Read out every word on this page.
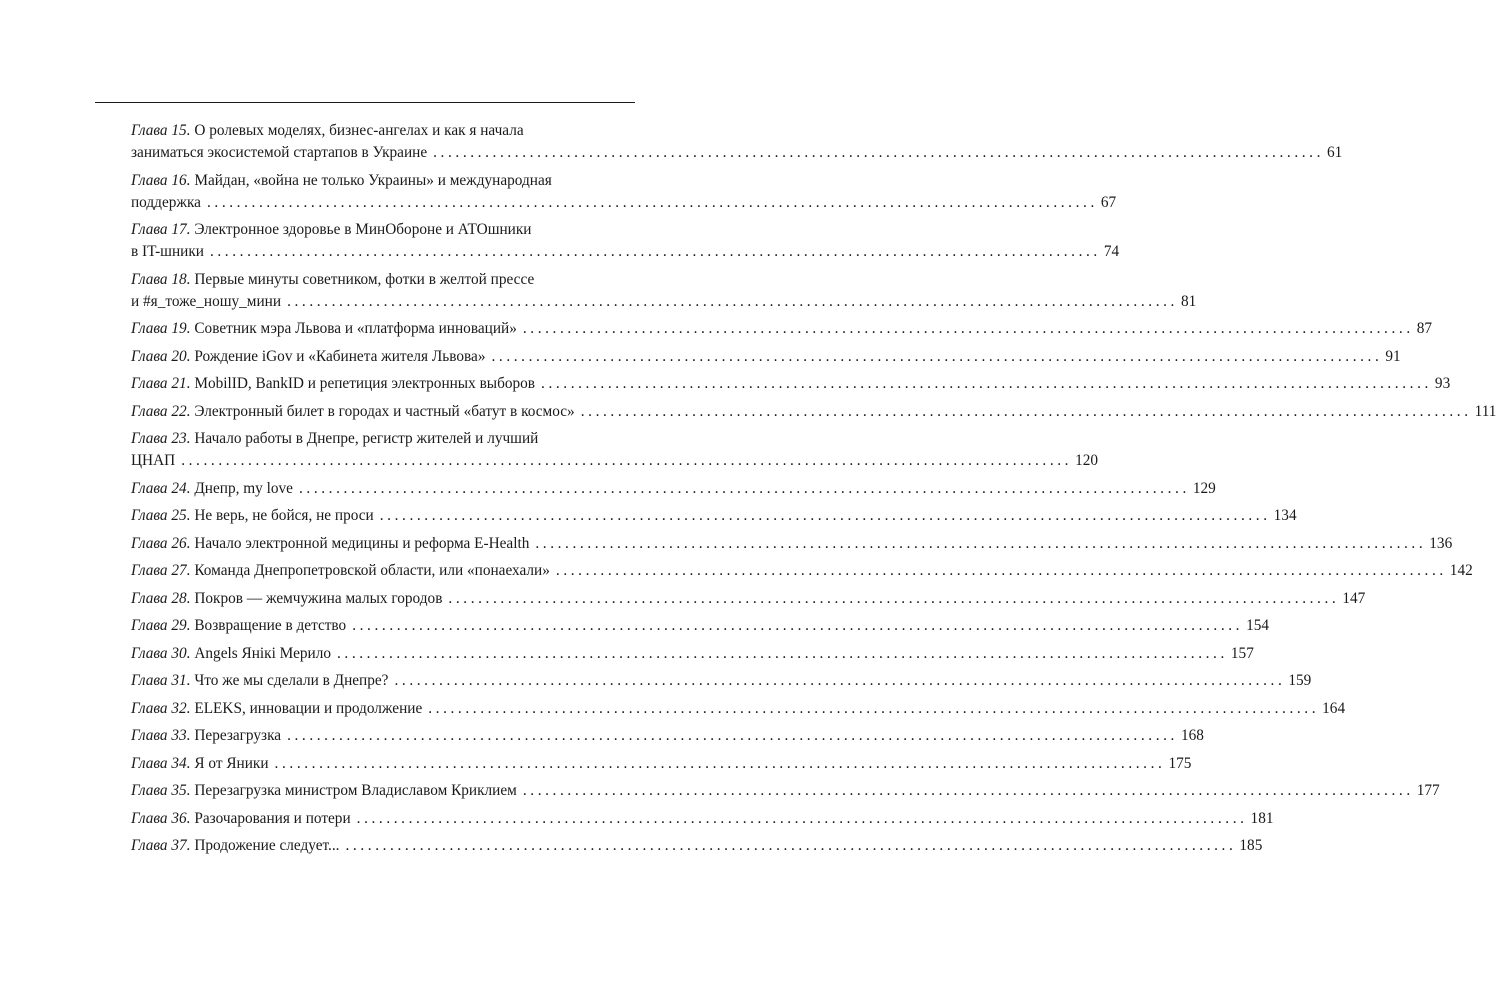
Глава 15. О ролевых моделях, бизнес-ангелах и как я начала
заниматься экосистемой стартапов в Украине ........................................................................................................................ 61
Глава 16. Майдан, «война не только Украины» и международная
поддержка ........................................................................................................................ 67
Глава 17. Электронное здоровье в МинОбороне и АТОшники
в IT-шники ........................................................................................................................ 74
Глава 18. Первые минуты советником, фотки в желтой прессе
и #я_тоже_ношу_мини ........................................................................................................................ 81
Глава 19. Советник мэра Львова и «платформа инноваций» ........................................................................................................................ 87
Глава 20. Рождение iGov и «Кабинета жителя Львова» ........................................................................................................................ 91
Глава 21. MobilID, BankID и репетиция электронных выборов ........................................................................................................................ 93
Глава 22. Электронный билет в городах и частный «батут в космос» ........................................................................................................................ 111
Глава 23. Начало работы в Днепре, регистр жителей и лучший
ЦНАП ........................................................................................................................ 120
Глава 24. Днепр, my love ........................................................................................................................ 129
Глава 25. Не верь, не бойся, не проси ........................................................................................................................ 134
Глава 26. Начало электронной медицины и реформа E-Health ........................................................................................................................ 136
Глава 27. Команда Днепропетровской области, или «понаехали» ........................................................................................................................ 142
Глава 28. Покров — жемчужина малых городов ........................................................................................................................ 147
Глава 29. Возвращение в детство ........................................................................................................................ 154
Глава 30. Angels Янiкi Мерило ........................................................................................................................ 157
Глава 31. Что же мы сделали в Днепре? ........................................................................................................................ 159
Глава 32. ELEKS, инновации и продолжение ........................................................................................................................ 164
Глава 33. Перезагрузка ........................................................................................................................ 168
Глава 34. Я от Яники ........................................................................................................................ 175
Глава 35. Перезагрузка министром Владиславом Криклием ........................................................................................................................ 177
Глава 36. Разочарования и потери ........................................................................................................................ 181
Глава 37. Продожение следует... ........................................................................................................................ 185
